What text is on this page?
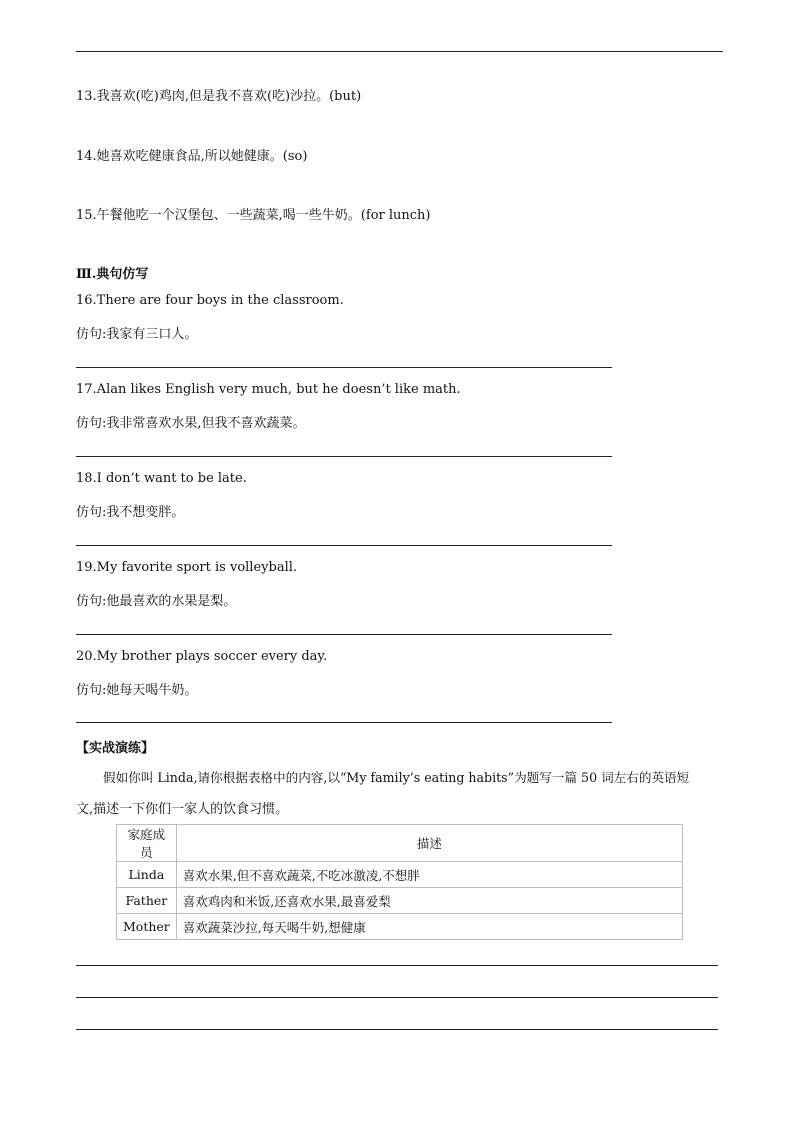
13.我喜欢(吃)鸡肉,但是我不喜欢(吃)沙拉。(but)
14.她喜欢吃健康食品,所以她健康。(so)
15.午餐他吃一个汉堡包、一些蔬菜,喝一些牛奶。(for lunch)
Ⅲ.典句仿写
16.There are four boys in the classroom.
仿句:我家有三口人。
17.Alan likes English very much, but he doesn’t like math.
仿句:我非常喜欢水果,但我不喜欢蔬菜。
18.I don’t want to be late.
仿句:我不想变胖。
19.My favorite sport is volleyball.
仿句:他最喜欢的水果是梨。
20.My brother plays soccer every day.
仿句:她每天喝牛奶。
【实战演练】
假如你叫 Linda,请你根据表格中的内容,以“My family’s eating habits”为题写一篇 50 词左右的英语短
文,描述一下你们一家人的饮食习惯。
家庭成员	描述
Linda	喜欢水果,但不喜欢蔬菜,不吃冰激凌,不想胖
Father	喜欢鸡肉和米饭,还喜欢水果,最喜爱梨
Mother	喜欢蔬菜沙拉,每天喝牛奶,想健康
